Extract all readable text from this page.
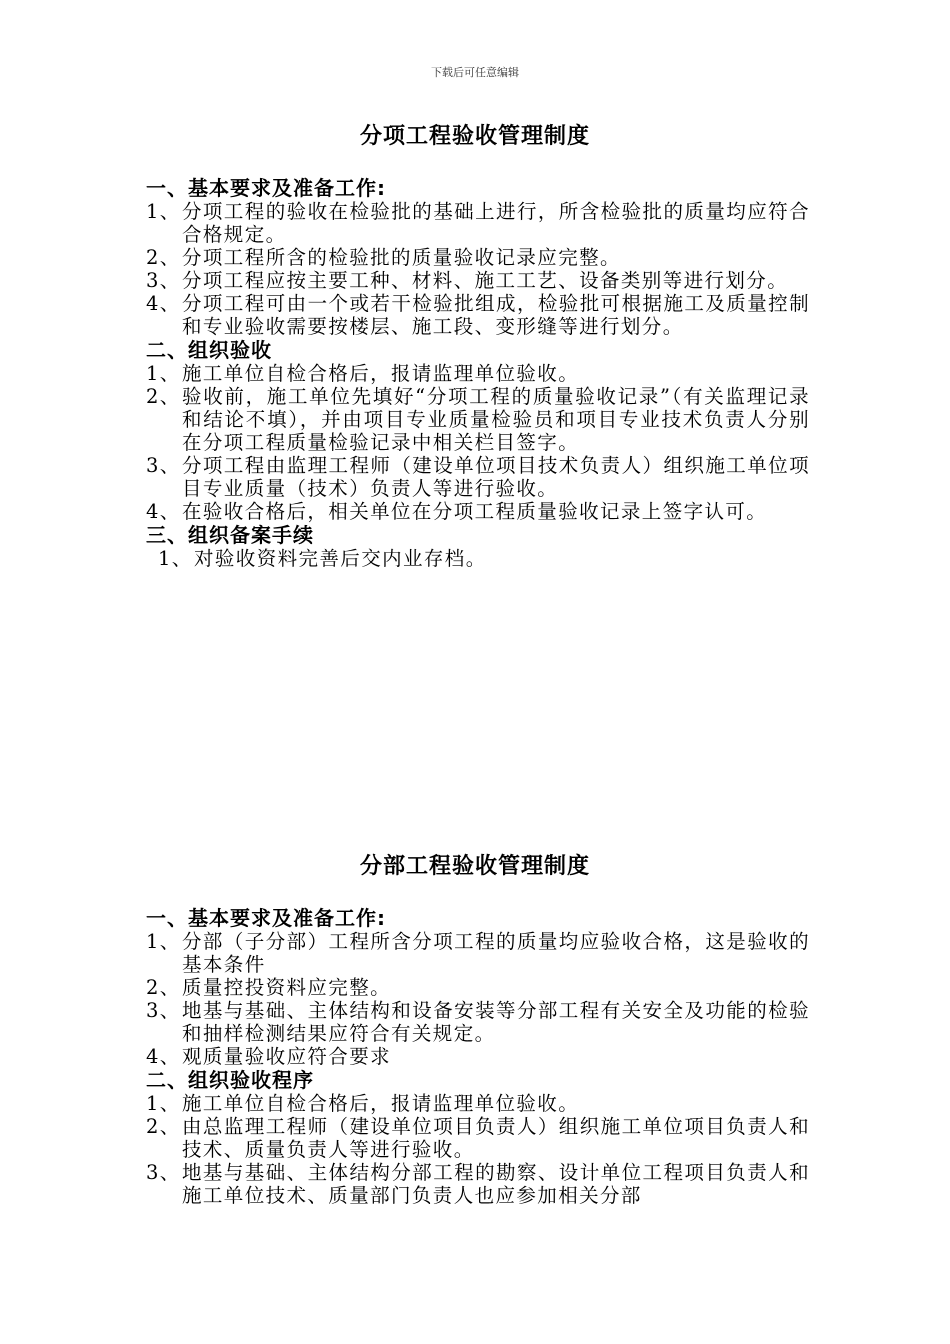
下载后可任意编辑
分项工程验收管理制度
一、基本要求及准备工作:
1、 分项工程的验收在检验批的基础上进行，所含检验批的质量均应符合合格规定。
2、 分项工程所含的检验批的质量验收记录应完整。
3、 分项工程应按主要工种、材料、施工工艺、设备类别等进行划分。
4、 分项工程可由一个或若干检验批组成，检验批可根据施工及质量控制和专业验收需要按楼层、施工段、变形缝等进行划分。
二、组织验收
1、 施工单位自检合格后，报请监理单位验收。
2、 验收前，施工单位先填好“分项工程的质量验收记录”（有关监理记录和结论不填），并由项目专业质量检验员和项目专业技术负责人分别在分项工程质量检验记录中相关栏目签字。
3、 分项工程由监理工程师（建设单位项目技术负责人）组织施工单位项目专业质量（技术）负责人等进行验收。
4、 在验收合格后，相关单位在分项工程质量验收记录上签字认可。
三、组织备案手续
1、 对验收资料完善后交内业存档。
分部工程验收管理制度
一、基本要求及准备工作:
1、 分部（子分部）工程所含分项工程的质量均应验收合格，这是验收的基本条件
2、 质量控投资料应完整。
3、 地基与基础、主体结构和设备安装等分部工程有关安全及功能的检验和抽样检测结果应符合有关规定。
4、 观质量验收应符合要求
二、组织验收程序
1、 施工单位自检合格后，报请监理单位验收。
2、 由总监理工程师（建设单位项目负责人）组织施工单位项目负责人和技术、质量负责人等进行验收。
3、 地基与基础、主体结构分部工程的勘察、设计单位工程项目负责人和施工单位技术、质量部门负责人也应参加相关分部
